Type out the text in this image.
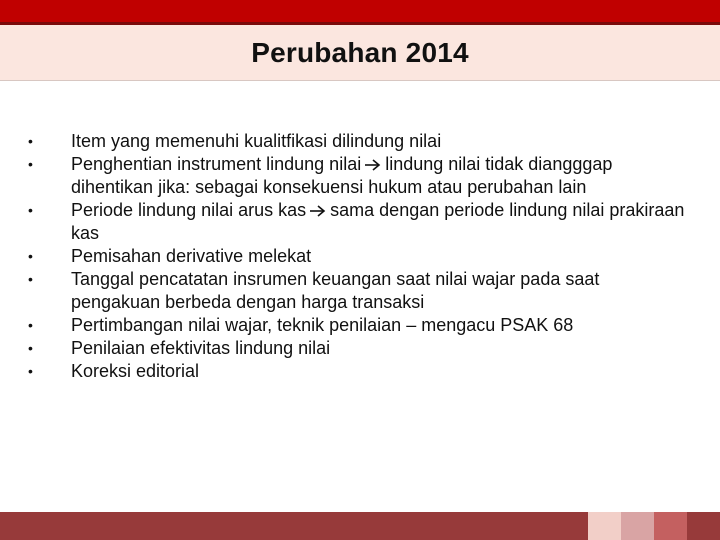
Perubahan 2014
• Item yang memenuhi kualitfikasi dilindung nilai
• Penghentian instrument lindung nilai lindung nilai tidak diangggap dihentikan jika: sebagai konsekuensi hukum atau perubahan lain
• Periode lindung nilai arus kas sama dengan periode lindung nilai prakiraan kas
• Pemisahan derivative melekat
• Tanggal pencatatan insrumen keuangan saat nilai wajar pada saat pengakuan berbeda dengan harga transaksi
• Pertimbangan nilai wajar, teknik penilaian – mengacu PSAK 68
• Penilaian efektivitas lindung nilai
• Koreksi editorial
